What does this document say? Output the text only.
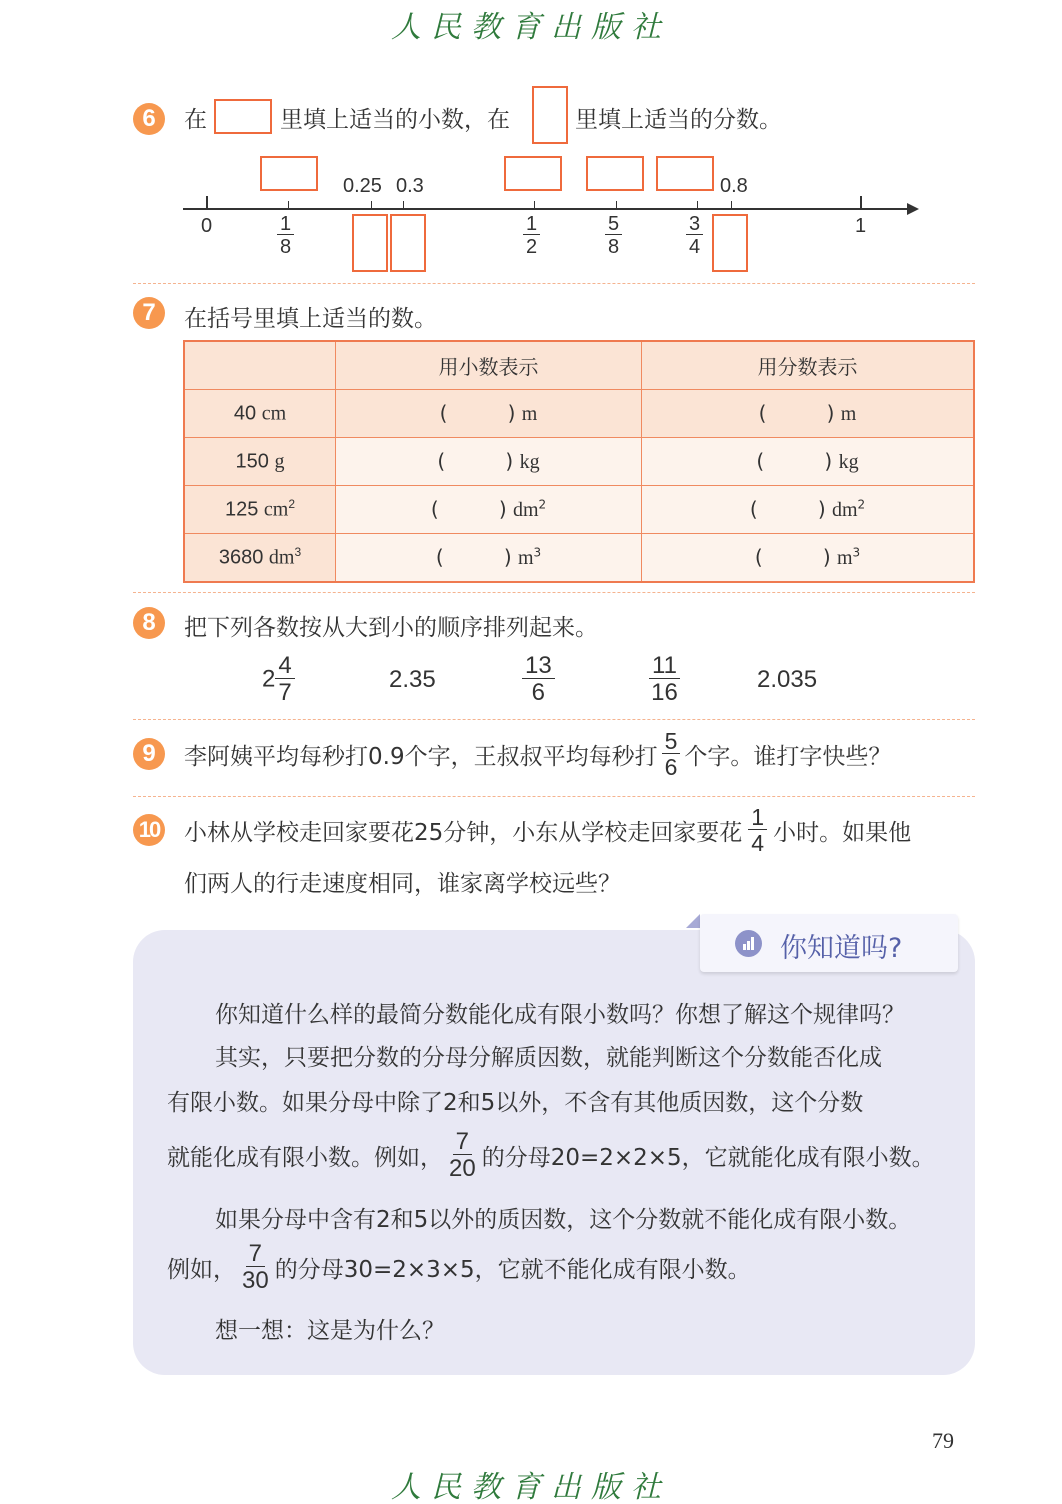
人民教育出版社
6	在	里填上适当的小数，在	里填上适当的分数。
0	1
0.25 0.3	0.8
$\frac{1}{8}$	$\frac{1}{2}$	$\frac{5}{8}$	$\frac{3}{4}$
7	在括号里填上适当的数。
	用小数表示	用分数表示
40 cm	( ) m	( ) m
150 g	( ) kg	( ) kg
125 $cm^2$	( ) $dm^2$	( ) $dm^2$
3680 $dm^3$	( ) $m^3$	( ) $m^3$
8	把下列各数按从大到小的顺序排列起来。
$2 \frac{4}{7}$	2.35	$\frac{13}{6}$	$\frac{11}{16}$	2.035
9	李阿姨平均每秒打0.9个字，王叔叔平均每秒打 $\frac{5}{6}$ 个字。谁打字快些？
10 小林从学校走回家要花25分钟，小东从学校走回家要花 $\frac{1}{4}$ 小时。如果他
们两人的行走速度相同，谁家离学校远些？
你知道吗?
你知道什么样的最简分数能化成有限小数吗？你想了解这个规律吗？
其实，只要把分数的分母分解质因数，就能判断这个分数能否化成
有限小数。如果分母中除了2和5以外，不含有其他质因数，这个分数
就能化成有限小数。例如， $\frac{7}{20}$ 的分母20=2×2×5，它就能化成有限小数。
如果分母中含有2和5以外的质因数，这个分数就不能化成有限小数。
例如， $\frac{7}{30}$ 的分母30=2×3×5，它就不能化成有限小数。
想一想：这是为什么？
79
人民教育出版社
